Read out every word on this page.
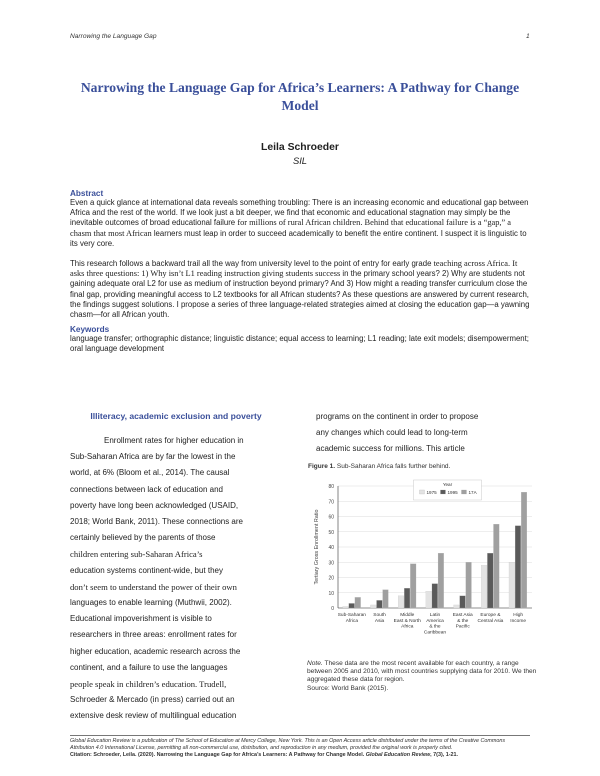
Narrowing the Language Gap	1
Narrowing the Language Gap for Africa’s Learners: A Pathway for Change Model
Leila Schroeder
SIL
Abstract

Even a quick glance at international data reveals something troubling: There is an increasing economic and educational gap between Africa and the rest of the world. If we look just a bit deeper, we find that economic and educational stagnation may simply be the inevitable outcomes of broad educational failure for millions of rural African children. Behind that educational failure is a “gap,” a chasm that most African learners must leap in order to succeed academically to benefit the entire continent. I suspect it is linguistic to its very core.

This research follows a backward trail all the way from university level to the point of entry for early grade teaching across Africa. It asks three questions: 1) Why isn’t L1 reading instruction giving students success in the primary school years? 2) Why are students not gaining adequate oral L2 for use as medium of instruction beyond primary? And 3) How might a reading transfer curriculum close the final gap, providing meaningful access to L2 textbooks for all African students? As these questions are answered by current research, the findings suggest solutions. I propose a series of three language-related strategies aimed at closing the education gap—a yawning chasm—for all African youth.

Keywords

language transfer; orthographic distance; linguistic distance; equal access to learning; L1 reading; late exit models; disempowerment; oral language development

Illiteracy, academic exclusion and poverty
Enrollment rates for higher education in
Sub-Saharan Africa are by far the lowest in the
world, at 6% (Bloom et al., 2014). The causal
connections between lack of education and
poverty have long been acknowledged (USAID,
2018; World Bank, 2011). These connections are
certainly believed by the parents of those
children entering sub-Saharan Africa’s
education systems continent-wide, but they
don’t seem to understand the power of their own
languages to enable learning (Muthwii, 2002).
Educational impoverishment is visible to
researchers in three areas: enrollment rates for
higher education, academic research across the
continent, and a failure to use the languages
people speak in children’s education. Trudell,
Schroeder & Mercado (in press) carried out an
extensive desk review of multilingual education
programs on the continent in order to propose
any changes which could lead to long-term
academic success for millions. This article
Figure 1. Sub-Saharan Africa falls further behind.
0
10
20
30
40
50
60
70
80
Tertiary Gross Enrollment Ratio
Sub-Saharan
Africa
South
Asia
Middle
East & North
Africa
Latin
America
& the
Caribbean
East Asia
& the
Pacific
Europe &
Central Asia
High
Income
Year
1975 1995 17A
Note. These data are the most recent available for each country, a range between 2005 and 2010, with most countries supplying data for 2010. We then aggregated these data for region.
Source: World Bank (2015).
Global Education Review is a publication of The School of Education at Mercy College, New York. This is an Open Access article distributed under the terms of the Creative Commons Attribution 4.0 International License, permitting all non-commercial use, distribution, and reproduction in any medium, provided the original work is properly cited.
Citation: Schroeder, Leila. (2020). Narrowing the Language Gap for Africa’s Learners: A Pathway for Change Model. Global Education Review, 7(3), 1-21.
